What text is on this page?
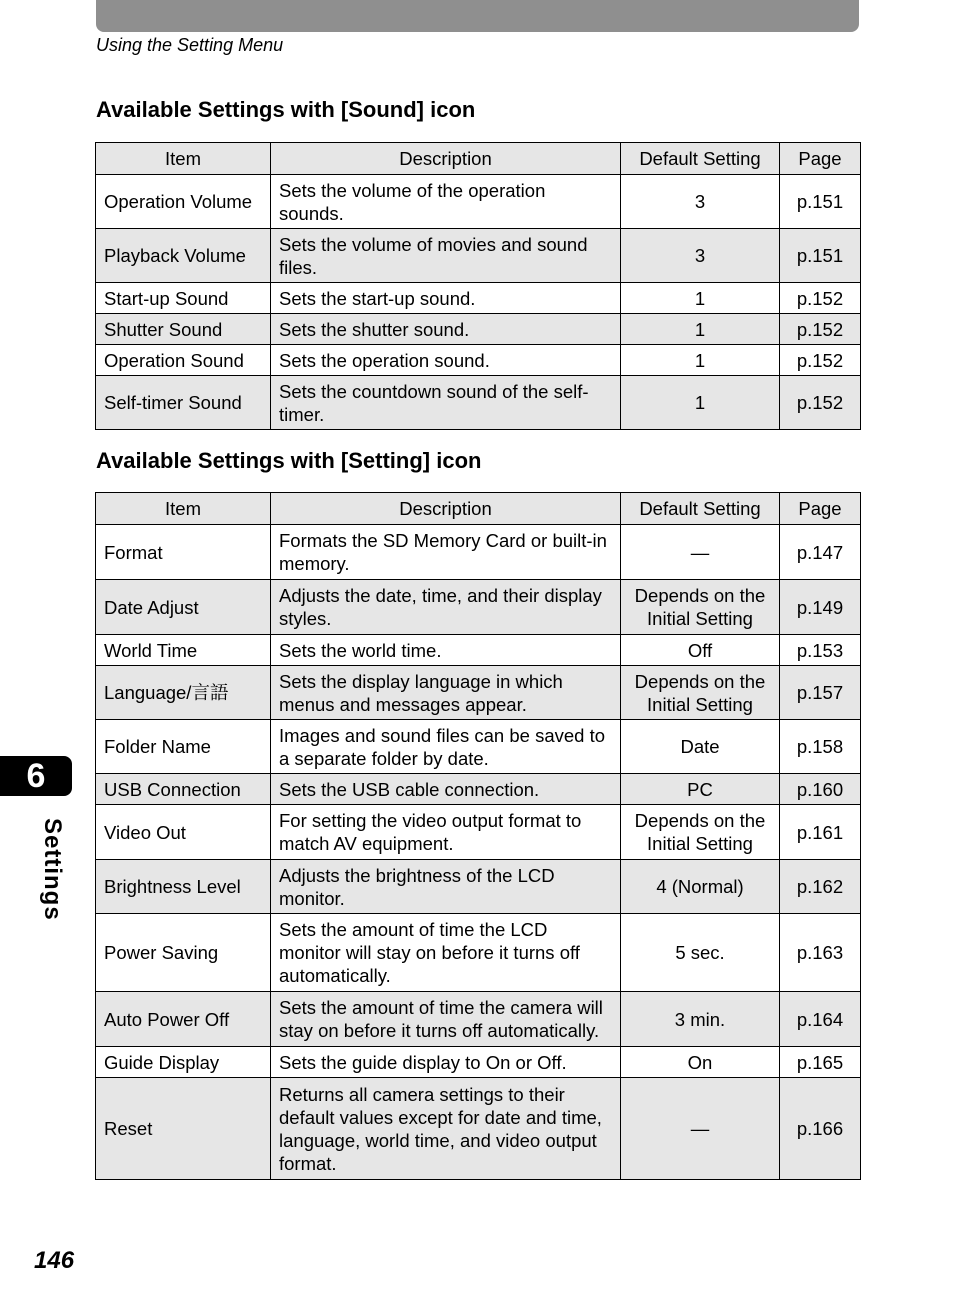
Using the Setting Menu
Available Settings with [Sound] icon
Item	Description	Default Setting	Page
Operation Volume	Sets the volume of the operation sounds.	3	p.151
Playback Volume	Sets the volume of movies and sound files.	3	p.151
Start-up Sound	Sets the start-up sound.	1	p.152
Shutter Sound	Sets the shutter sound.	1	p.152
Operation Sound	Sets the operation sound.	1	p.152
Self-timer Sound	Sets the countdown sound of the self-timer.	1	p.152
Available Settings with [Setting] icon
Item	Description	Default Setting	Page
Format	Formats the SD Memory Card or built-in memory.	—	p.147
Date Adjust	Adjusts the date, time, and their display styles.	Depends on the Initial Setting	p.149
World Time	Sets the world time.	Off	p.153
Language/言語	Sets the display language in which menus and messages appear.	Depends on the Initial Setting	p.157
Folder Name	Images and sound files can be saved to a separate folder by date.	Date	p.158
USB Connection	Sets the USB cable connection.	PC	p.160
Video Out	For setting the video output format to match AV equipment.	Depends on the Initial Setting	p.161
Brightness Level	Adjusts the brightness of the LCD monitor.	4 (Normal)	p.162
Power Saving	Sets the amount of time the LCD monitor will stay on before it turns off automatically.	5 sec.	p.163
Auto Power Off	Sets the amount of time the camera will stay on before it turns off automatically.	3 min.	p.164
Guide Display	Sets the guide display to On or Off.	On	p.165
Reset	Returns all camera settings to their default values except for date and time, language, world time, and video output format.	—	p.166
6
Settings
146
